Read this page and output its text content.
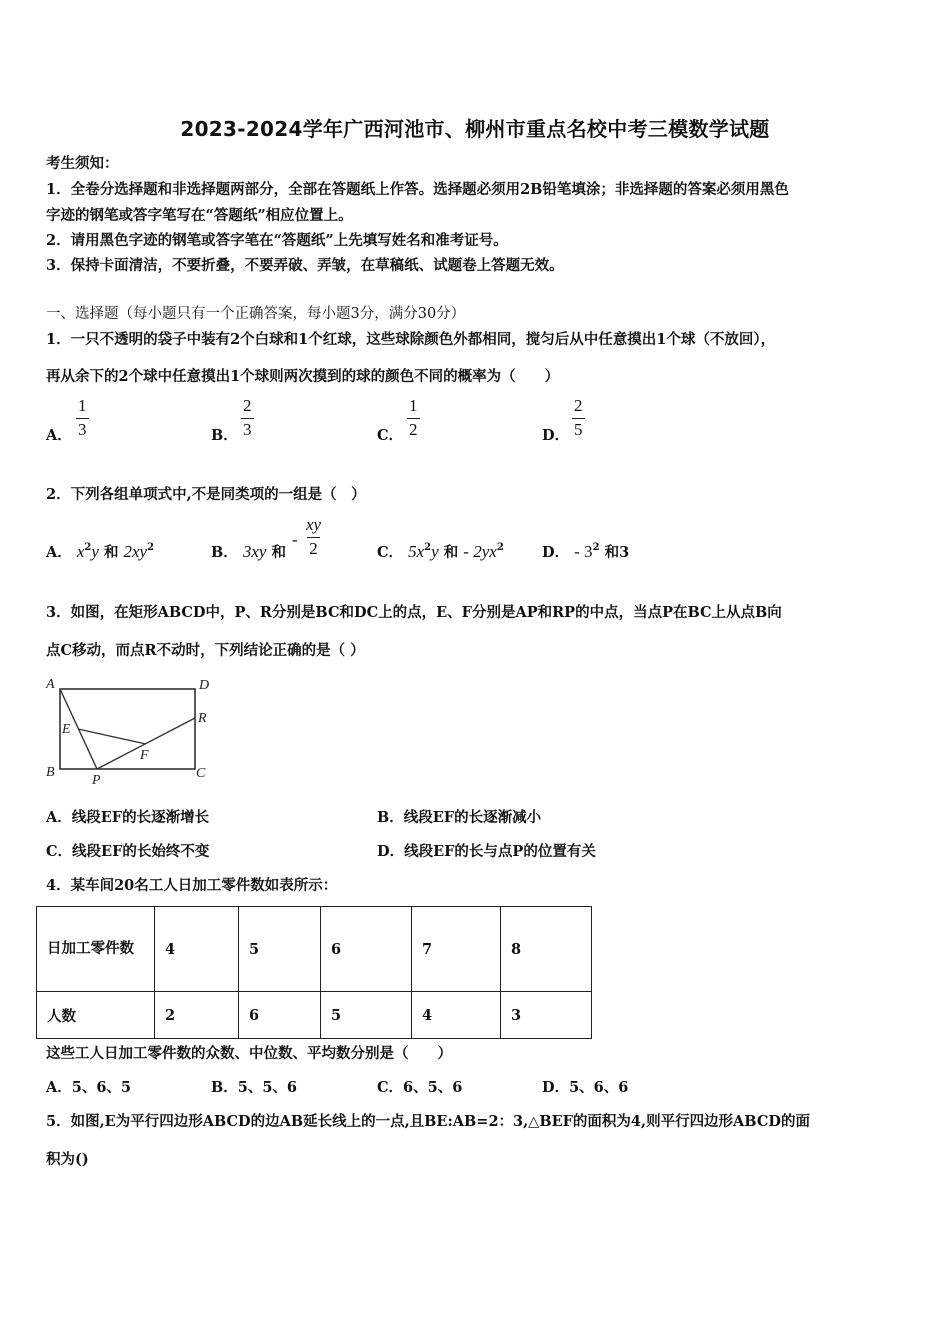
2023-2024学年广西河池市、柳州市重点名校中考三模数学试题
考生须知：
1．全卷分选择题和非选择题两部分，全部在答题纸上作答。选择题必须用2B铅笔填涂；非选择题的答案必须用黑色
字迹的钢笔或答字笔写在“答题纸”相应位置上。
2．请用黑色字迹的钢笔或答字笔在“答题纸”上先填写姓名和准考证号。
3．保持卡面清洁，不要折叠，不要弄破、弄皱，在草稿纸、试题卷上答题无效。
一、选择题（每小题只有一个正确答案，每小题3分，满分30分）
1．一只不透明的袋子中装有2个白球和1个红球，这些球除颜色外都相同，搅匀后从中任意摸出1个球（不放回），
再从余下的2个球中任意摸出1个球则两次摸到的球的颜色不同的概率为（　　）
A． $\frac{1}{3}$	B． $\frac{2}{3}$	C． $\frac{1}{2}$	D． $\frac{2}{5}$
2．下列各组单项式中,不是同类项的一组是（　）
A． $x^2y$ 和 $2xy^2$	B． 3xy 和
- $\frac{xy}{2}$	C． $5x^2y$ 和 - $2yx^2$	D． - $3^2$ 和3
3．如图，在矩形ABCD中，P、R分别是BC和DC上的点，E、F分别是AP和RP的中点，当点P在BC上从点B向
点C移动，而点R不动时，下列结论正确的是（ ）
A	D
B	C
E
F
P
R
A．线段EF的长逐渐增长	B．线段EF的长逐渐减小
C．线段EF的长始终不变	D．线段EF的长与点P的位置有关
4．某车间20名工人日加工零件数如表所示：
日加工零件数	4	5	6	7	8
人数	2	6	5	4	3
这些工人日加工零件数的众数、中位数、平均数分别是（　　）
A．5、6、5	B．5、5、6	C．6、5、6	D．5、6、6
5．如图,E为平行四边形ABCD的边AB延长线上的一点,且BE:AB=2：3,△BEF的面积为4,则平行四边形ABCD的面
积为()
